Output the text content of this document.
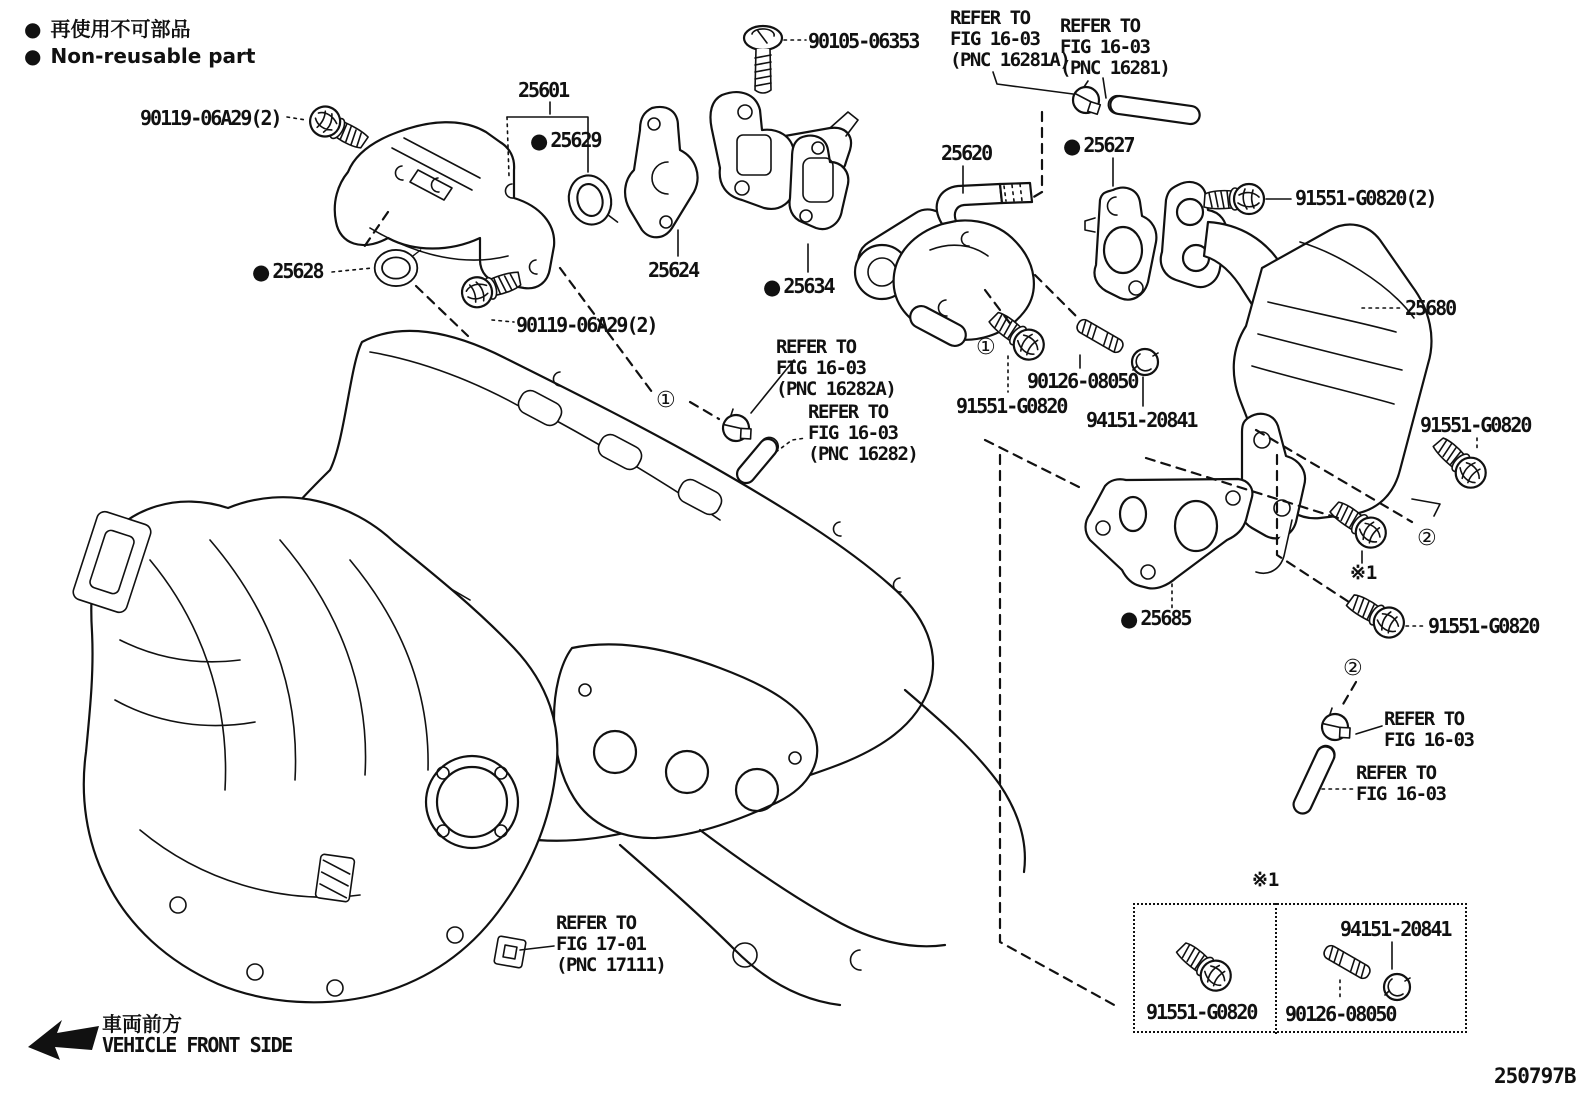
● 再使用不可部品
● Non-reusable part
90119-06A29(2)
25601
● 25629
● 25628
90105-06353
25624
● 25634
25620	● 25627
91551-G0820(2)
25680
91551-G0820
91551-G0820
90126-08050
94151-20841
● 25685	91551-G0820
90119-06A29(2)
REFER TO
FIG 16-03
(PNC 16281A)
REFER TO
FIG 16-03
(PNC 16281)
REFER TO
FIG 16-03
(PNC 16282A)
REFER TO
FIG 16-03
(PNC 16282)
REFER TO
FIG 16-03
REFER TO
FIG 16-03
REFER TO
FIG 17-01
(PNC 17111)
①
①
②
②
※1
※1
91551-G0820
94151-20841
90126-08050
車両前方
VEHICLE FRONT SIDE
250797B
